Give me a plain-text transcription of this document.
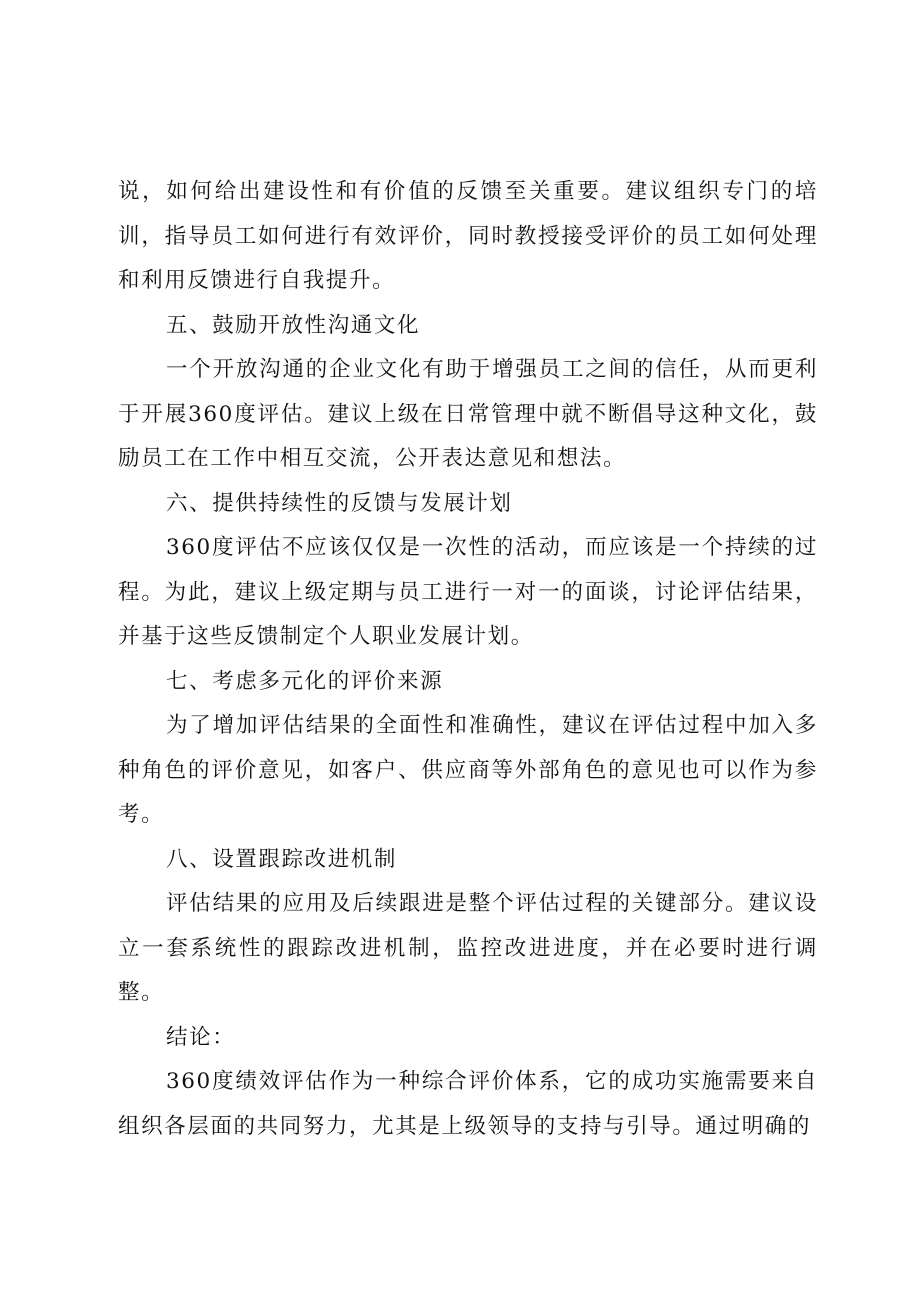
说，如何给出建设性和有价值的反馈至关重要。建议组织专门的培训，指导员工如何进行有效评价，同时教授接受评价的员工如何处理和利用反馈进行自我提升。

五、鼓励开放性沟通文化

一个开放沟通的企业文化有助于增强员工之间的信任，从而更利于开展360度评估。建议上级在日常管理中就不断倡导这种文化，鼓励员工在工作中相互交流，公开表达意见和想法。

六、提供持续性的反馈与发展计划

360度评估不应该仅仅是一次性的活动，而应该是一个持续的过程。为此，建议上级定期与员工进行一对一的面谈，讨论评估结果，并基于这些反馈制定个人职业发展计划。

七、考虑多元化的评价来源

为了增加评估结果的全面性和准确性，建议在评估过程中加入多种角色的评价意见，如客户、供应商等外部角色的意见也可以作为参考。

八、设置跟踪改进机制

评估结果的应用及后续跟进是整个评估过程的关键部分。建议设立一套系统性的跟踪改进机制，监控改进进度，并在必要时进行调整。

结论：

360度绩效评估作为一种综合评价体系，它的成功实施需要来自组织各层面的共同努力，尤其是上级领导的支持与引导。通过明确的
